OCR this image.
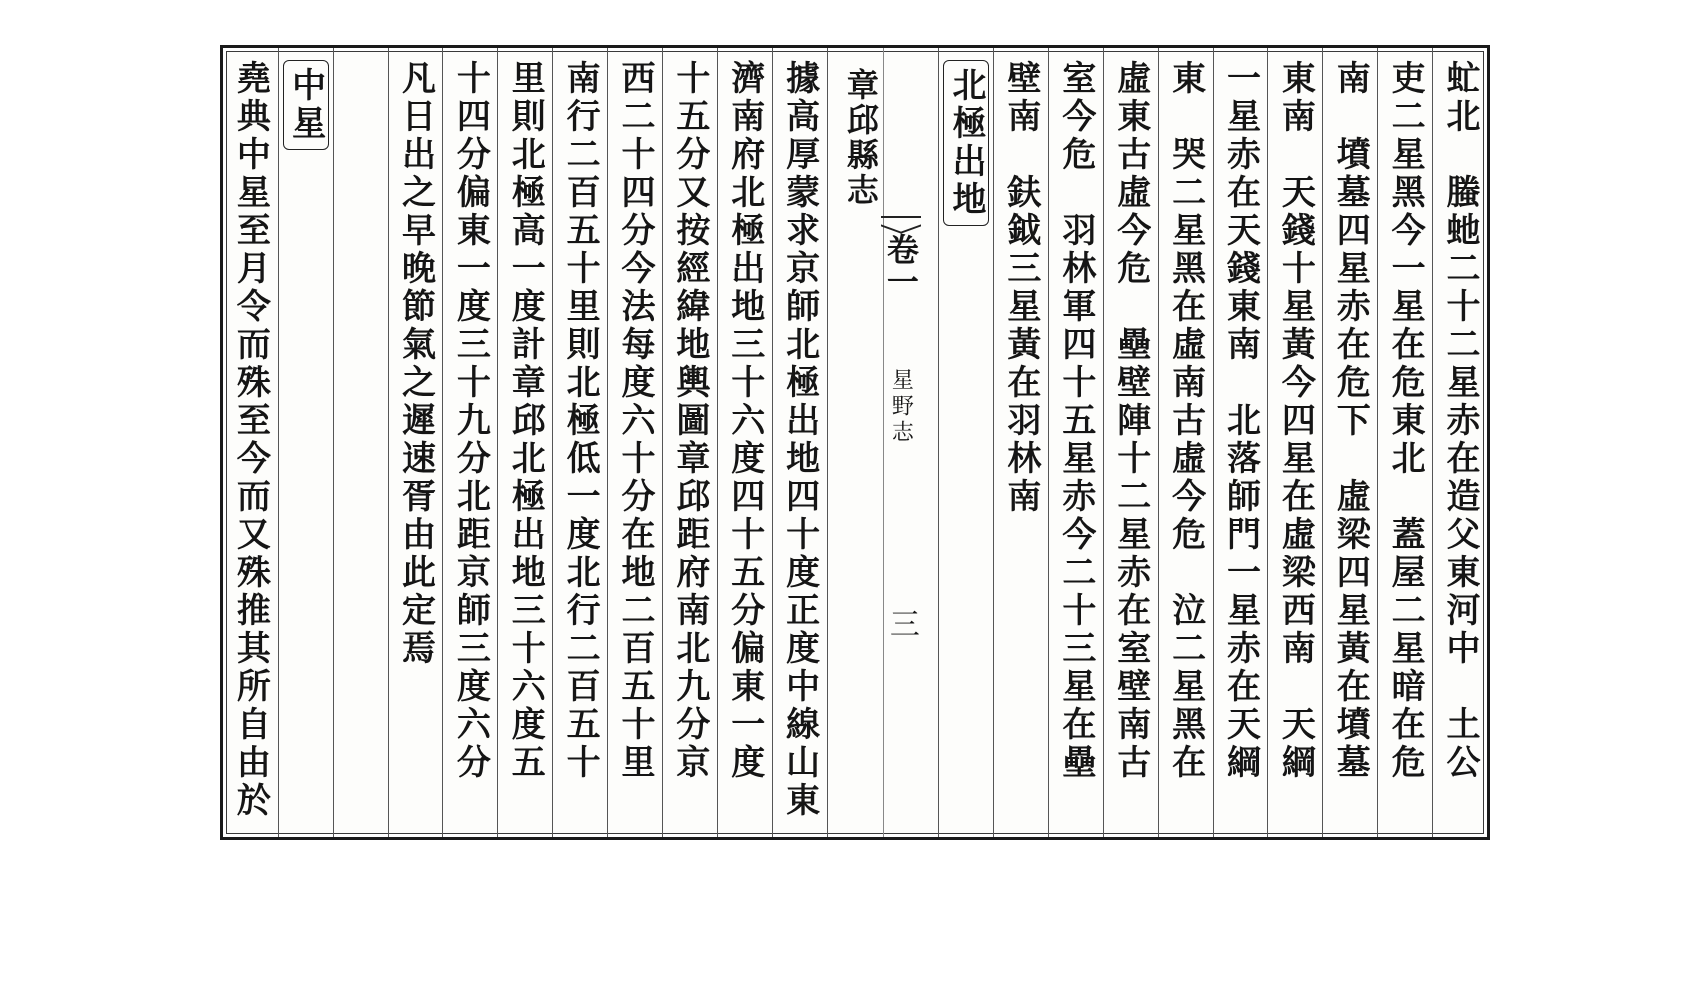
虻北　螣虵二十二星赤在造父東河中　土公
吏二星黑今一星在危東北　蓋屋二星暗在危
南　墳墓四星赤在危下　虛梁四星黃在墳墓
東南　天錢十星黃今四星在虛梁西南　天綱
一星赤在天錢東南　北落師門一星赤在天綱
東　哭二星黑在虛南古虛今危　泣二星黑在
虛東古虛今危　壘壁陣十二星赤在室壁南古
室今危　羽林軍四十五星赤今二十三星在壘
壁南　鈇鉞三星黃在羽林南
北極出地
章邱縣志
卷一
星野志
三
據高厚蒙求京師北極出地四十度正度中線山東
濟南府北極出地三十六度四十五分偏東一度
十五分又按經緯地輿圖章邱距府南北九分京
西二十四分今法每度六十分在地二百五十里
南行二百五十里則北極低一度北行二百五十
里則北極高一度計章邱北極出地三十六度五
十四分偏東一度三十九分北距京師三度六分
凡日出之早晚節氣之遲速胥由此定焉
中星
堯典中星至月令而殊至今而又殊推其所自由於
